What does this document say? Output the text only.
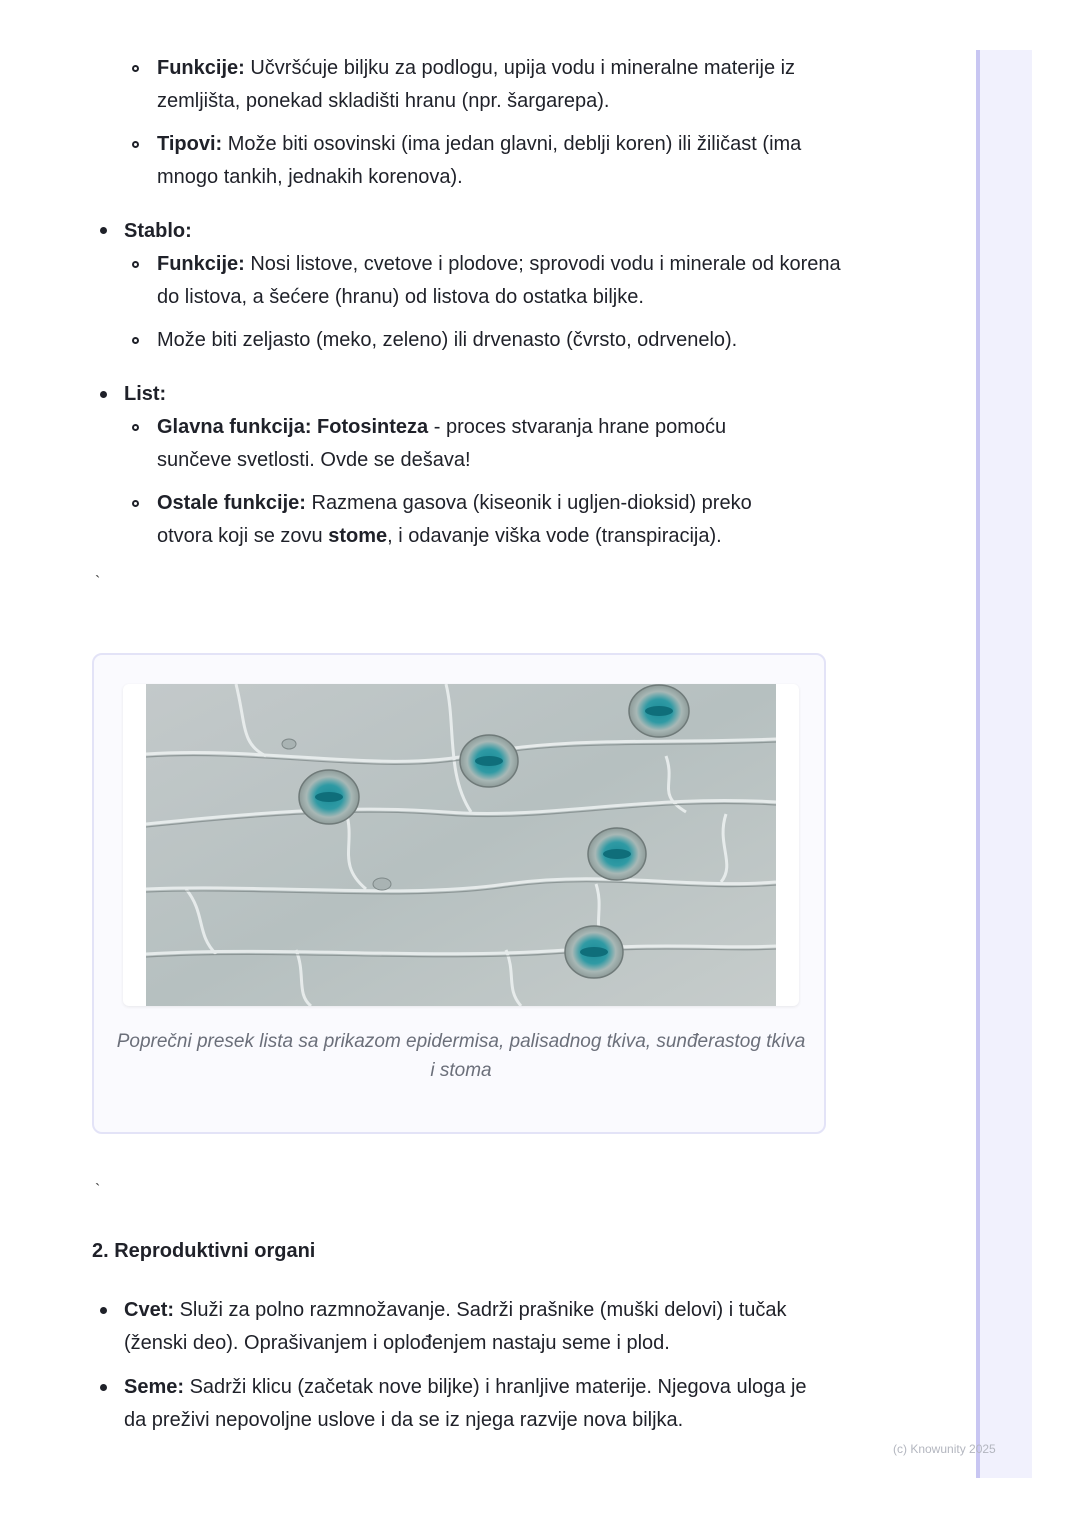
(c) Knowunity 2025
Funkcije: Učvršćuje biljku za podlogu, upija vodu i mineralne materije iz zemljišta, ponekad skladišti hranu (npr. šargarepa).
Tipovi: Može biti osovinski (ima jedan glavni, deblji koren) ili žiličast (ima mnogo tankih, jednakih korenova).
Stablo:
Funkcije: Nosi listove, cvetove i plodove; sprovodi vodu i minerale od korena do listova, a šećere (hranu) od listova do ostatka biljke.
Može biti zeljasto (meko, zeleno) ili drvenasto (čvrsto, odrvenelo).
List:
Glavna funkcija: Fotosinteza - proces stvaranja hrane pomoću sunčeve svetlosti. Ovde se dešava!
Ostale funkcije: Razmena gasova (kiseonik i ugljen-dioksid) preko otvora koji se zovu stome, i odavanje viška vode (transpiracija).
`
Poprečni presek lista sa prikazom epidermisa, palisadnog tkiva, sunđerastog tkiva i stoma
`
2. Reproduktivni organi
Cvet: Služi za polno razmnožavanje. Sadrži prašnike (muški delovi) i tučak (ženski deo). Oprašivanjem i oplođenjem nastaju seme i plod.
Seme: Sadrži klicu (začetak nove biljke) i hranljive materije. Njegova uloga je da preživi nepovoljne uslove i da se iz njega razvije nova biljka.
